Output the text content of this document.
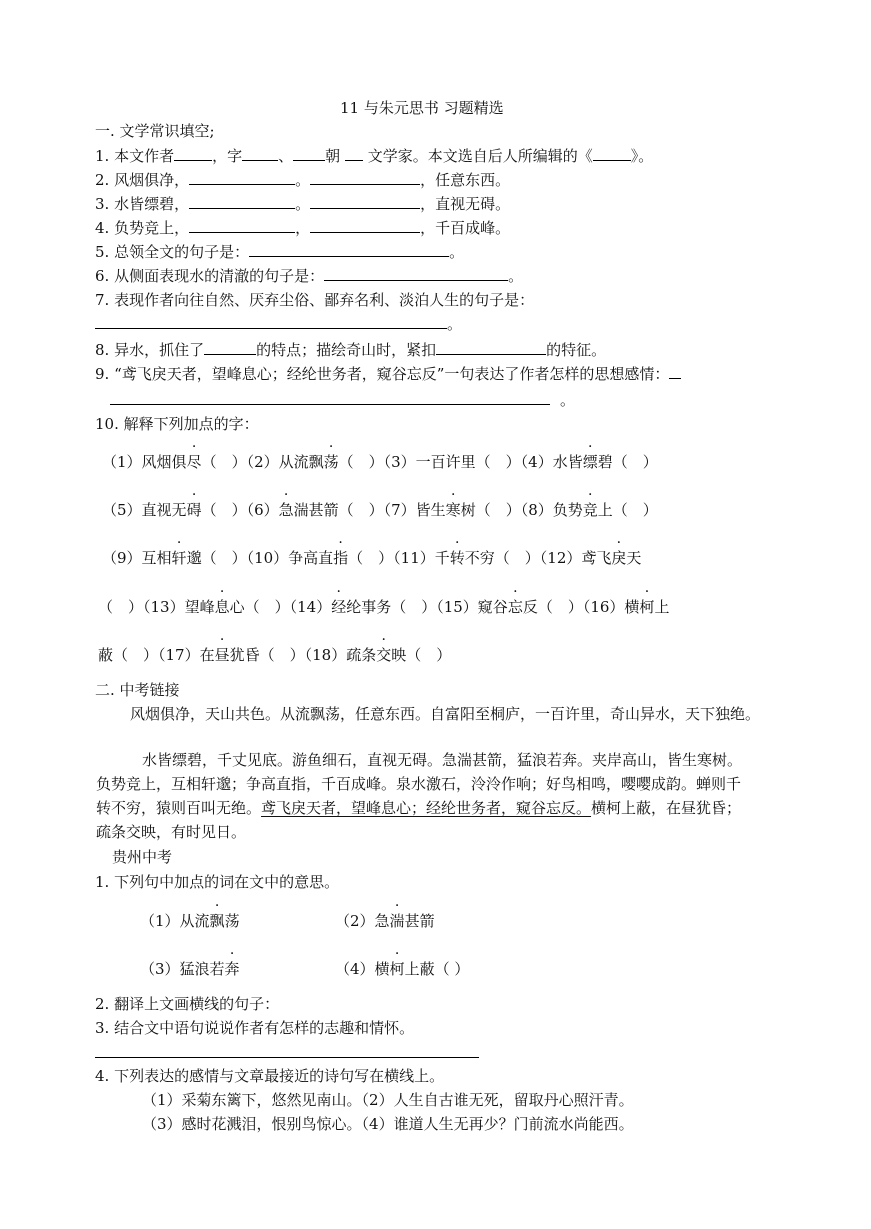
11 与朱元思书 习题精选
一. 文学常识填空;
1. 本文作者	，字 、 朝 文学家。本文选自后人所编辑的《	》。
2. 风烟俱净，	。	，任意东西。
3. 水皆缥碧，	。	，直视无碍。
4. 负势竞上，	，	，千百成峰。
5. 总领全文的句子是：	。
6. 从侧面表现水的清澈的句子是：	。
7. 表现作者向往自然、厌弃尘俗、鄙弃名利、淡泊人生的句子是：
。
8. 异水，抓住了	的特点；描绘奇山时，紧扣	的特征。
9. “鸢飞戾天者，望峰息心；经纶世务者，窥谷忘反”一句表达了作者怎样的思想感情：
。
10. 解释下列加点的字：
（1）风烟俱尽（　）（2）从流飘荡（　）（3）一百许里（　）（4）水皆缥碧（　）
（5）直视无碍（　）（6）急湍甚箭（　）（7）皆生寒树（　）（8）负势竞上（　）
（9）互相轩邈（　）（10）争高直指（　）（11）千转不穷（　）（12）鸢飞戾天
（　）（13）望峰息心（　）（14）经纶事务（　）（15）窥谷忘反（　）（16）横柯上
蔽（　）（17）在昼犹昏（　）（18）疏条交映（　）
二. 中考链接
风烟俱净，天山共色。从流飘荡，任意东西。自富阳至桐庐，一百许里，奇山异水，天下独绝。
水皆缥碧，千丈见底。游鱼细石，直视无碍。急湍甚箭，猛浪若奔。夹岸高山，皆生寒树。
负势竞上，互相轩邈；争高直指，千百成峰。泉水激石，泠泠作响；好鸟相鸣，嘤嘤成韵。蝉则千
转不穷，猿则百叫无绝。鸢飞戾天者，望峰息心；经纶世务者，窥谷忘反。横柯上蔽，在昼犹昏；
疏条交映，有时见日。
贵州中考
1. 下列句中加点的词在文中的意思。
（1）从流飘荡	（2）急湍甚箭
（3）猛浪若奔	（4）横柯上蔽（ ）
2. 翻译上文画横线的句子：
3. 结合文中语句说说作者有怎样的志趣和情怀。
4. 下列表达的感情与文章最接近的诗句写在横线上。
（1）采菊东篱下，悠然见南山。（2）人生自古谁无死，留取丹心照汗青。
（3）感时花溅泪，恨别鸟惊心。（4）谁道人生无再少？门前流水尚能西。
